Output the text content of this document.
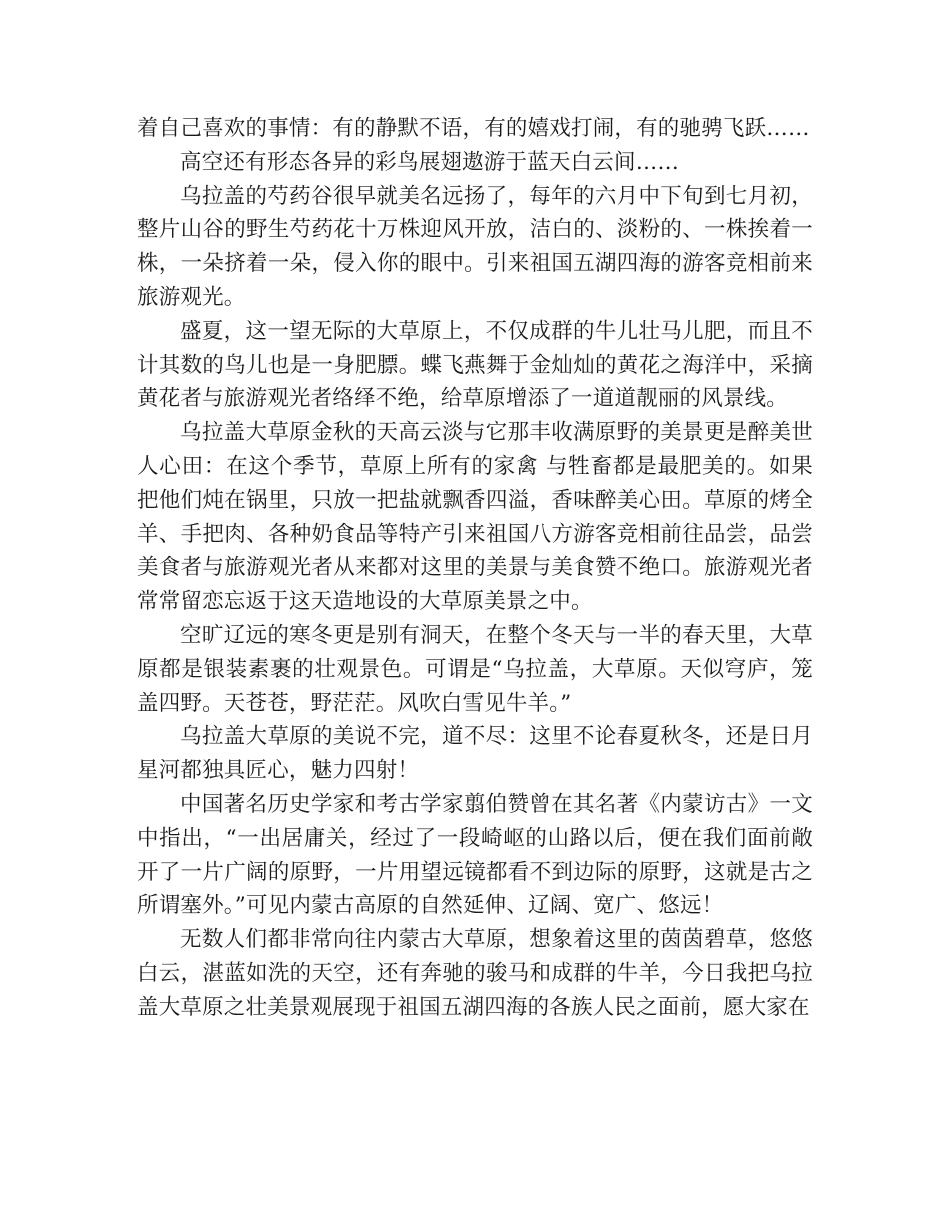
着自己喜欢的事情：有的静默不语，有的嬉戏打闹，有的驰骋飞跃……

高空还有形态各异的彩鸟展翅遨游于蓝天白云间……

乌拉盖的芍药谷很早就美名远扬了，每年的六月中下旬到七月初，整片山谷的野生芍药花十万株迎风开放，洁白的、淡粉的、一株挨着一株，一朵挤着一朵，侵入你的眼中。引来祖国五湖四海的游客竞相前来旅游观光。

盛夏，这一望无际的大草原上，不仅成群的牛儿壮马儿肥，而且不计其数的鸟儿也是一身肥膘。蝶飞燕舞于金灿灿的黄花之海洋中，采摘黄花者与旅游观光者络绎不绝，给草原增添了一道道靓丽的风景线。

乌拉盖大草原金秋的天高云淡与它那丰收满原野的美景更是醉美世人心田：在这个季节，草原上所有的家禽 与牲畜都是最肥美的。如果把他们炖在锅里，只放一把盐就飘香四溢，香味醉美心田。草原的烤全羊、手把肉、各种奶食品等特产引来祖国八方游客竞相前往品尝，品尝美食者与旅游观光者从来都对这里的美景与美食赞不绝口。旅游观光者常常留恋忘返于这天造地设的大草原美景之中。

空旷辽远的寒冬更是别有洞天，在整个冬天与一半的春天里，大草原都是银装素裹的壮观景色。可谓是“乌拉盖，大草原。天似穹庐，笼盖四野。天苍苍，野茫茫。风吹白雪见牛羊。”

乌拉盖大草原的美说不完，道不尽：这里不论春夏秋冬，还是日月星河都独具匠心，魅力四射！

中国著名历史学家和考古学家翦伯赞曾在其名著《内蒙访古》一文中指出，“一出居庸关，经过了一段崎岖的山路以后，便在我们面前敞开了一片广阔的原野，一片用望远镜都看不到边际的原野，这就是古之所谓塞外。”可见内蒙古高原的自然延伸、辽阔、宽广、悠远！

无数人们都非常向往内蒙古大草原，想象着这里的茵茵碧草，悠悠白云，湛蓝如洗的天空，还有奔驰的骏马和成群的牛羊，今日我把乌拉盖大草原之壮美景观展现于祖国五湖四海的各族人民之面前，愿大家在
